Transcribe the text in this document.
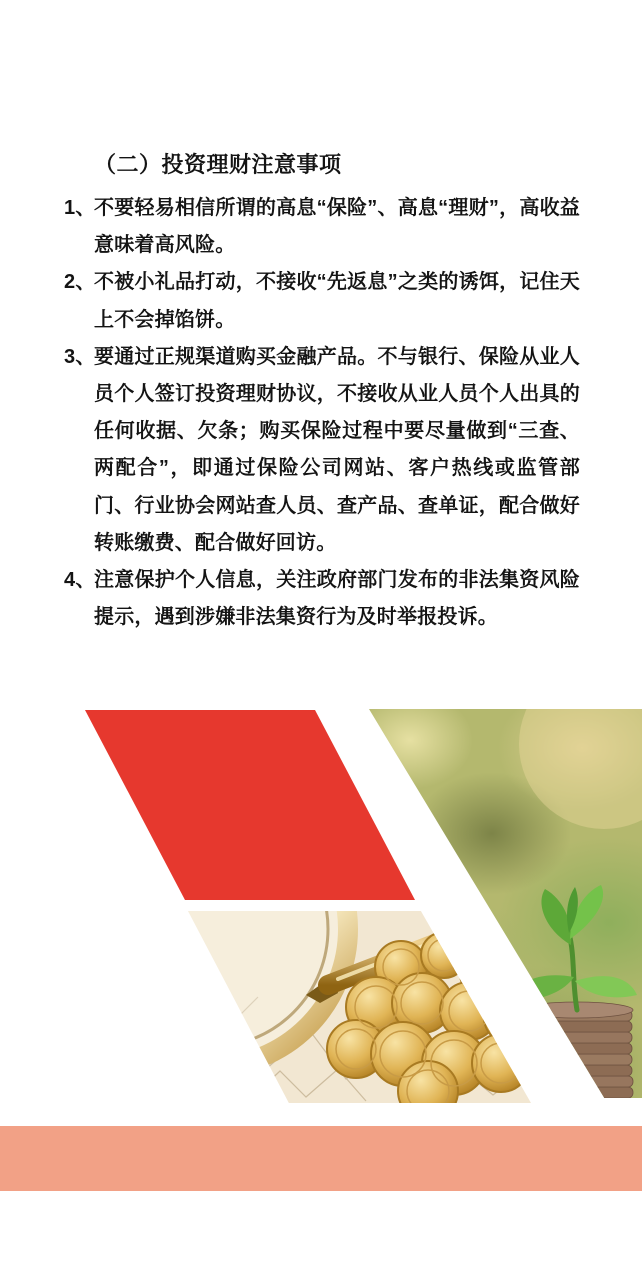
（二）投资理财注意事项
1、不要轻易相信所谓的高息“保险”、高息“理财”，高收益意味着高风险。
2、不被小礼品打动，不接收“先返息”之类的诱饵，记住天上不会掉馅饼。
3、要通过正规渠道购买金融产品。不与银行、保险从业人员个人签订投资理财协议，不接收从业人员个人出具的任何收据、欠条；购买保险过程中要尽量做到“三查、两配合”，即通过保险公司网站、客户热线或监管部门、行业协会网站查人员、查产品、查单证，配合做好转账缴费、配合做好回访。
4、注意保护个人信息，关注政府部门发布的非法集资风险提示，遇到涉嫌非法集资行为及时举报投诉。
